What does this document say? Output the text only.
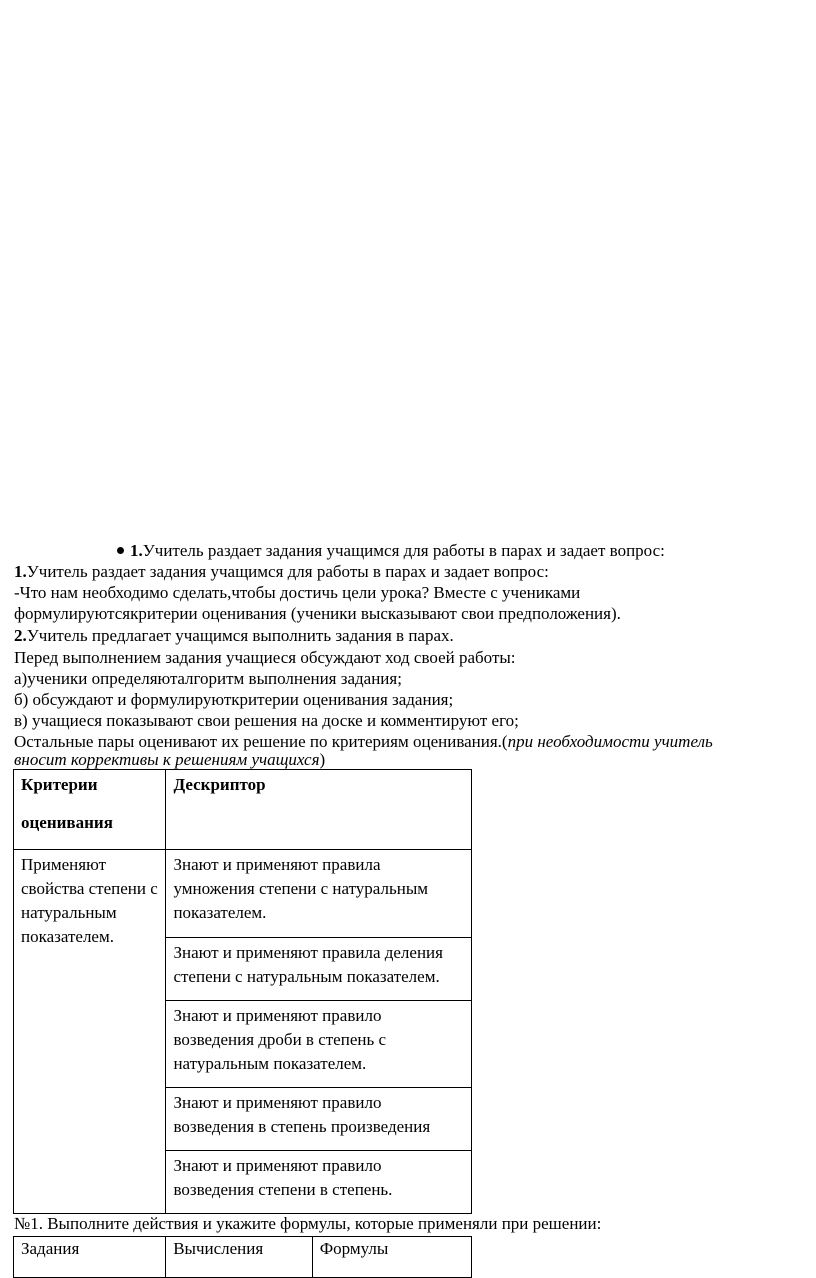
1.Учитель раздает задания учащимся для работы в парах и задает вопрос:
1.Учитель раздает задания учащимся для работы в парах и задает вопрос:
-Что нам необходимо сделать,чтобы достичь цели урока? Вместе с учениками
формулируютсякритерии оценивания (ученики высказывают свои предположения).
2.Учитель предлагает учащимся выполнить задания в парах.
Перед выполнением задания учащиеся обсуждают ход своей работы:
а)ученики определяютaлгоритм выполнения задания;
б) обсуждают и формулируюткритерии оценивания задания;
в) учащиеся показывают свои решения на доске и комментируют его;
Остальные пары оценивают их решение по критериям оценивания.(при необходимости учитель
вносит коррективы к решениям учащихся)
Критерии
оценивания	Дескриптор

Применяют свойства степени с натуральным показателем.	Знают и применяют правила умножения степени с натуральным показателем.

	Знают и применяют правила деления степени с натуральным показателем.

	Знают и применяют правило возведения дроби в степень с натуральным показателем.

	Знают и применяют правило возведения в степень произведения

	Знают и применяют правило возведения степени в степень.
№1. Выполните действия и укажите формулы, которые применяли при решении:
Задания	Вычисления	Формулы
